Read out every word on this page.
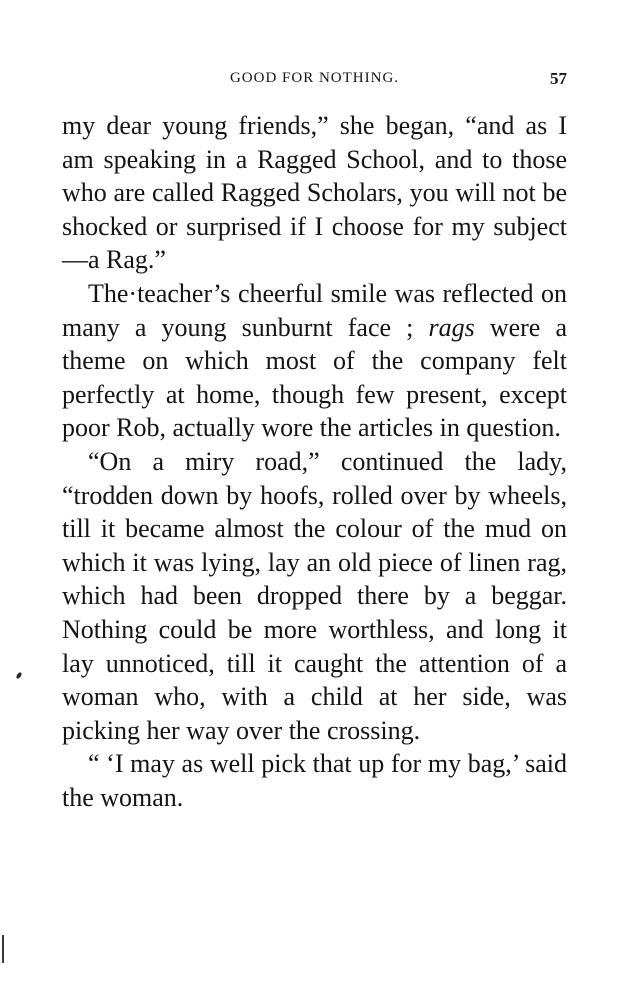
GOOD FOR NOTHING.	57

my dear young friends,” she began, “and as I am speaking in a Ragged School, and to those who are called Ragged Scholars, you will not be shocked or surprised if I choose for my subject—a Rag.”

The·teacher’s cheerful smile was reflected on many a young sunburnt face ; rags were a theme on which most of the company felt perfectly at home, though few present, except poor Rob, actually wore the articles in question.

“On a miry road,” continued the lady, “trodden down by hoofs, rolled over by wheels, till it became almost the colour of the mud on which it was lying, lay an old piece of linen rag, which had been dropped there by a beggar. Nothing could be more worthless, and long it lay unnoticed, till it caught the attention of a woman who, with a child at her side, was picking her way over the crossing.

“ ‘I may as well pick that up for my bag,’ said the woman.
